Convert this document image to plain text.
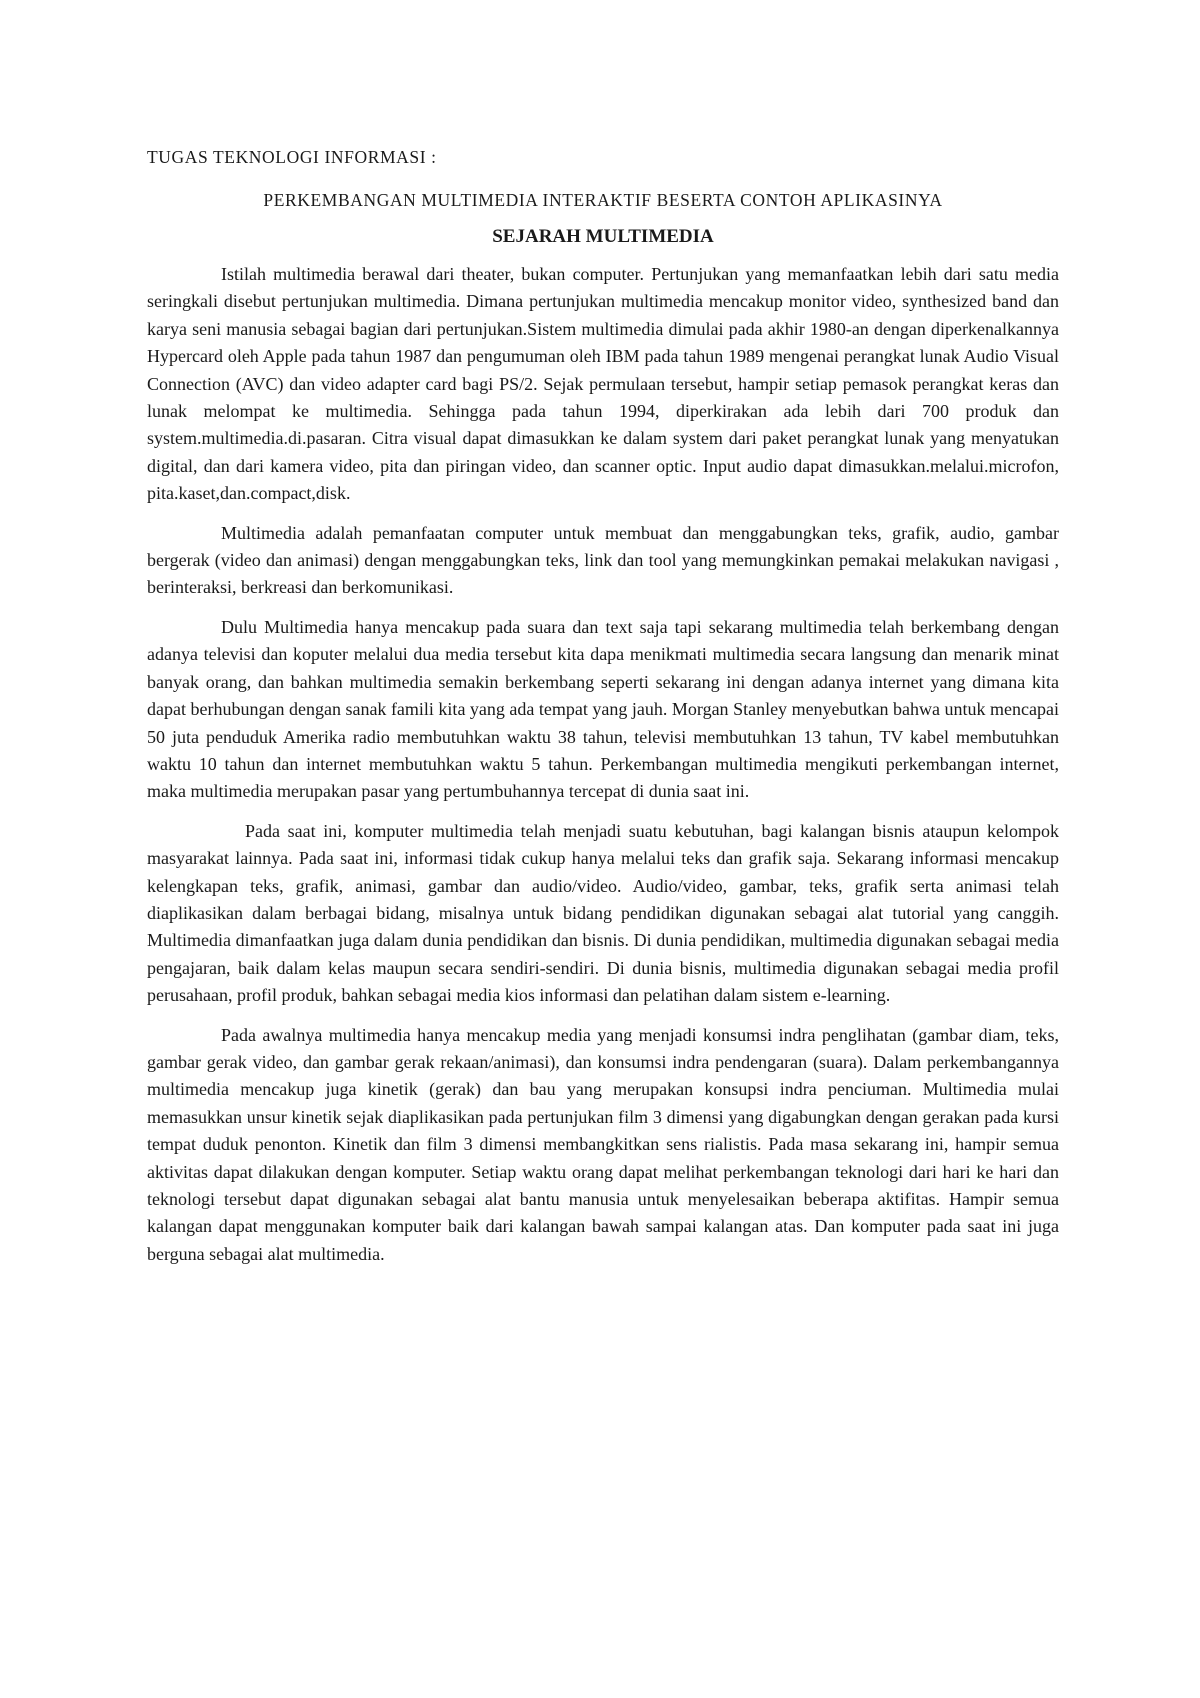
TUGAS TEKNOLOGI INFORMASI :
PERKEMBANGAN MULTIMEDIA INTERAKTIF BESERTA CONTOH APLIKASINYA
SEJARAH MULTIMEDIA

Istilah multimedia berawal dari theater, bukan computer. Pertunjukan yang memanfaatkan lebih dari satu media seringkali disebut pertunjukan multimedia. Dimana pertunjukan multimedia mencakup monitor video, synthesized band dan karya seni manusia sebagai bagian dari pertunjukan.Sistem multimedia dimulai pada akhir 1980-an dengan diperkenalkannya Hypercard oleh Apple pada tahun 1987 dan pengumuman oleh IBM pada tahun 1989 mengenai perangkat lunak Audio Visual Connection (AVC) dan video adapter card bagi PS/2. Sejak permulaan tersebut, hampir setiap pemasok perangkat keras dan lunak melompat ke multimedia. Sehingga pada tahun 1994, diperkirakan ada lebih dari 700 produk dan system.multimedia.di.pasaran. Citra visual dapat dimasukkan ke dalam system dari paket perangkat lunak yang menyatukan digital, dan dari kamera video, pita dan piringan video, dan scanner optic. Input audio dapat dimasukkan.melalui.microfon, pita.kaset,dan.compact,disk.

Multimedia adalah pemanfaatan computer untuk membuat dan menggabungkan teks, grafik, audio, gambar bergerak (video dan animasi) dengan menggabungkan teks, link dan tool yang memungkinkan pemakai melakukan navigasi , berinteraksi, berkreasi dan berkomunikasi.

Dulu Multimedia hanya mencakup pada suara dan text saja tapi sekarang multimedia telah berkembang dengan adanya televisi dan koputer melalui dua media tersebut kita dapa menikmati multimedia secara langsung dan menarik minat banyak orang, dan bahkan multimedia semakin berkembang seperti sekarang ini dengan adanya internet yang dimana kita dapat berhubungan dengan sanak famili kita yang ada tempat yang jauh. Morgan Stanley menyebutkan bahwa untuk mencapai 50 juta penduduk Amerika radio membutuhkan waktu 38 tahun, televisi membutuhkan 13 tahun, TV kabel membutuhkan waktu 10 tahun dan internet membutuhkan waktu 5 tahun. Perkembangan multimedia mengikuti perkembangan internet, maka multimedia merupakan pasar yang pertumbuhannya tercepat di dunia saat ini.

Pada saat ini, komputer multimedia telah menjadi suatu kebutuhan, bagi kalangan bisnis ataupun kelompok masyarakat lainnya. Pada saat ini, informasi tidak cukup hanya melalui teks dan grafik saja. Sekarang informasi mencakup kelengkapan teks, grafik, animasi, gambar dan audio/video. Audio/video, gambar, teks, grafik serta animasi telah diaplikasikan dalam berbagai bidang, misalnya untuk bidang pendidikan digunakan sebagai alat tutorial yang canggih. Multimedia dimanfaatkan juga dalam dunia pendidikan dan bisnis. Di dunia pendidikan, multimedia digunakan sebagai media pengajaran, baik dalam kelas maupun secara sendiri-sendiri. Di dunia bisnis, multimedia digunakan sebagai media profil perusahaan, profil produk, bahkan sebagai media kios informasi dan pelatihan dalam sistem e-learning.

Pada awalnya multimedia hanya mencakup media yang menjadi konsumsi indra penglihatan (gambar diam, teks, gambar gerak video, dan gambar gerak rekaan/animasi), dan konsumsi indra pendengaran (suara). Dalam perkembangannya multimedia mencakup juga kinetik (gerak) dan bau yang merupakan konsupsi indra penciuman. Multimedia mulai memasukkan unsur kinetik sejak diaplikasikan pada pertunjukan film 3 dimensi yang digabungkan dengan gerakan pada kursi tempat duduk penonton. Kinetik dan film 3 dimensi membangkitkan sens rialistis. Pada masa sekarang ini, hampir semua aktivitas dapat dilakukan dengan komputer. Setiap waktu orang dapat melihat perkembangan teknologi dari hari ke hari dan teknologi tersebut dapat digunakan sebagai alat bantu manusia untuk menyelesaikan beberapa aktifitas. Hampir semua kalangan dapat menggunakan komputer baik dari kalangan bawah sampai kalangan atas. Dan komputer pada saat ini juga berguna sebagai alat multimedia.
